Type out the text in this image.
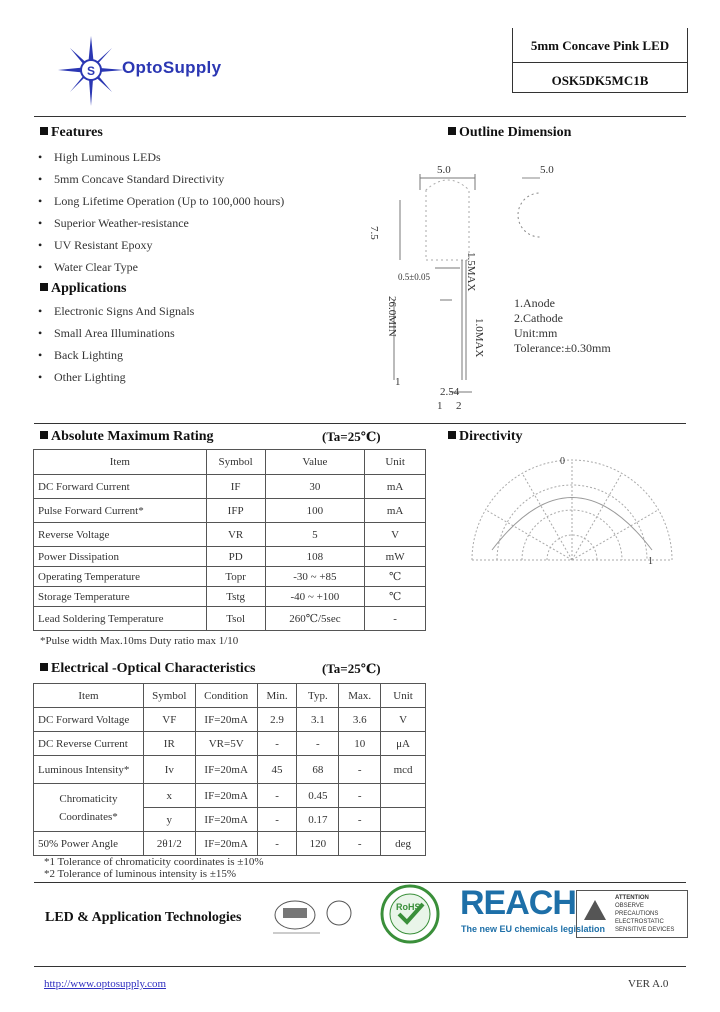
S OptoSupply
5mm Concave Pink LED
OSK5DK5MC1B
Features
• High Luminous LEDs
• 5mm Concave Standard Directivity
• Long Lifetime Operation (Up to 100,000 hours)
• Superior Weather-resistance
• UV Resistant Epoxy
• Water Clear Type
Applications
• Electronic Signs And Signals
• Small Area Illuminations
• Back Lighting
• Other Lighting
Outline Dimension
5.0	5.0
7.5
0.5±0.05
26.0MIN
1.5MAX
1.0MAX
2.54
1 2
1
1.Anode
2.Cathode
Unit:mm
Tolerance:±0.30mm
Absolute Maximum Rating	(Ta=25℃)
Item	Symbol	Value	Unit
DC Forward Current	IF	30	mA
Pulse Forward Current*	IFP	100	mA
Reverse Voltage	VR	5	V
Power Dissipation	PD	108	mW
Operating Temperature	Topr	-30 ~ +85	℃
Storage Temperature	Tstg	-40 ~ +100	℃
Lead Soldering Temperature	Tsol	260℃/5sec	-
*Pulse width Max.10ms Duty ratio max 1/10
Directivity
0
1
Electrical -Optical Characteristics	(Ta=25℃)
Item	Symbol	Condition	Min.	Typ.	Max.	Unit
DC Forward Voltage	VF	IF=20mA	2.9	3.1	3.6	V
DC Reverse Current	IR	VR=5V	-	-	10	μA
Luminous Intensity*	Iv	IF=20mA	45	68	-	mcd

Chromaticity
Coordinates*	x	IF=20mA	-	0.45	-	
	y	IF=20mA	-	0.17	-	
50% Power Angle	2θ1/2	IF=20mA	-	120	-	deg
*1 Tolerance of chromaticity coordinates is ±10%
*2 Tolerance of luminous intensity is ±15%
LED & Application Technologies
RoHS REACH
The new EU chemicals legislation
ATTENTION
OBSERVE PRECAUTIONS
ELECTROSTATIC
SENSITIVE DEVICES
http://www.optosupply.com	VER A.0
